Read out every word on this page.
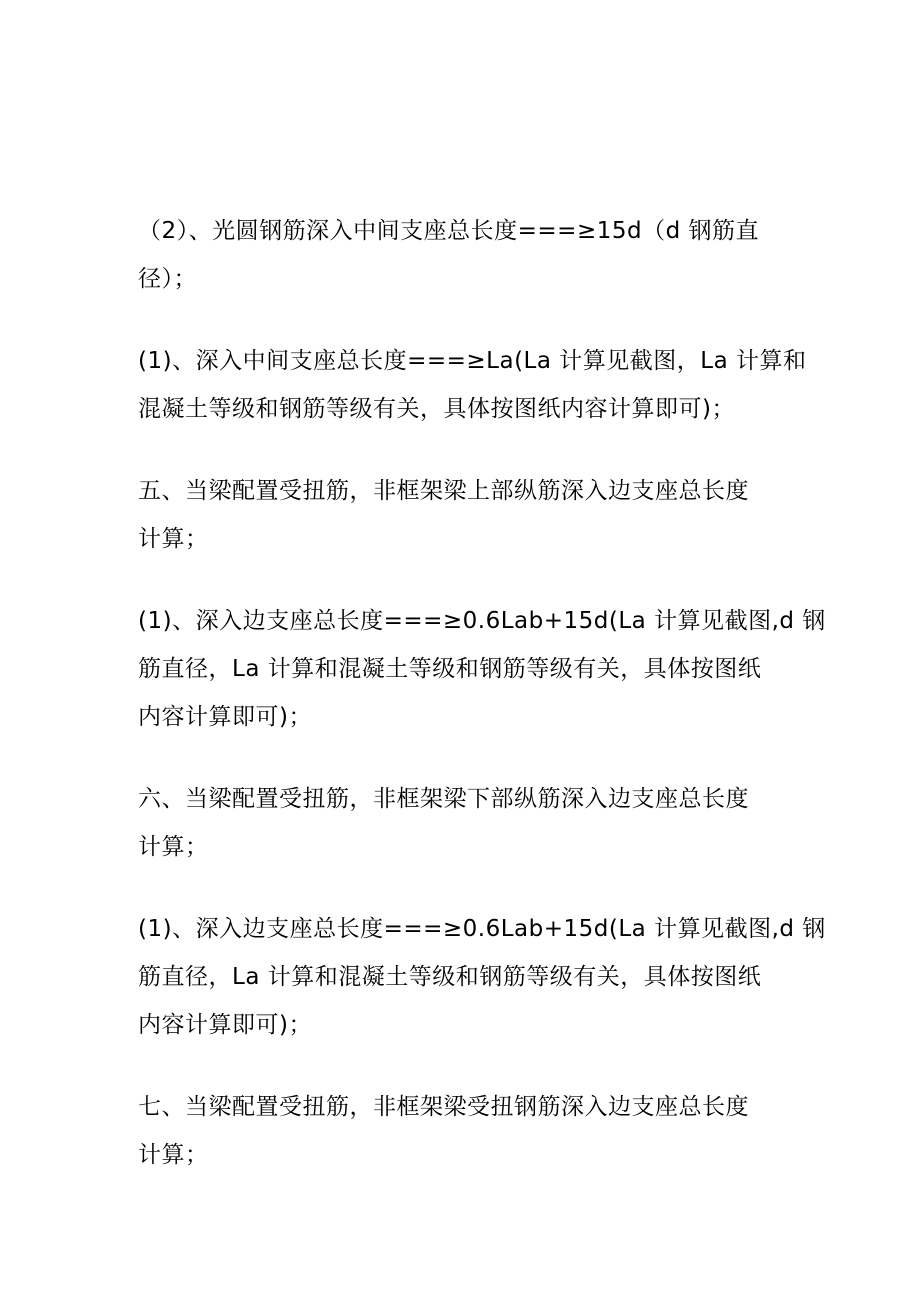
（2）、光圆钢筋深入中间支座总长度===≥15d（d 钢筋直
径）；

(1)、深入中间支座总长度===≥La(La 计算见截图，La 计算和
混凝土等级和钢筋等级有关，具体按图纸内容计算即可)；

五、当梁配置受扭筋，非框架梁上部纵筋深入边支座总长度
计算；

(1)、深入边支座总长度===≥0.6Lab+15d(La 计算见截图,d 钢
筋直径，La 计算和混凝土等级和钢筋等级有关，具体按图纸
内容计算即可)；

六、当梁配置受扭筋，非框架梁下部纵筋深入边支座总长度
计算；

(1)、深入边支座总长度===≥0.6Lab+15d(La 计算见截图,d 钢
筋直径，La 计算和混凝土等级和钢筋等级有关，具体按图纸
内容计算即可)；

七、当梁配置受扭筋，非框架梁受扭钢筋深入边支座总长度
计算；
